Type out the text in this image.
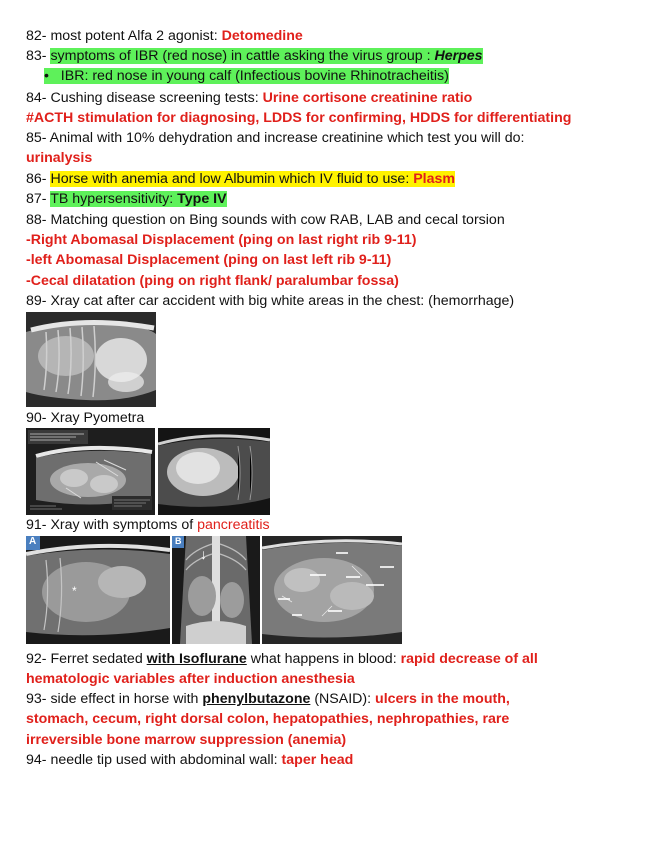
82- most potent Alfa 2 agonist: Detomedine
83- symptoms of IBR (red nose) in cattle asking the virus group : Herpes
• IBR: red nose in young calf (Infectious bovine Rhinotracheitis)
84- Cushing disease screening tests: Urine cortisone creatinine ratio
#ACTH stimulation for diagnosing, LDDS for confirming, HDDS for differentiating
85- Animal with 10% dehydration and increase creatinine which test you will do:
urinalysis
86- Horse with anemia and low Albumin which IV fluid to use: Plasm
87- TB hypersensitivity: Type IV
88- Matching question on Bing sounds with cow RAB, LAB and cecal torsion
-Right Abomasal Displacement (ping on last right rib 9-11)
-left Abomasal Displacement (ping on last left rib 9-11)
-Cecal dilatation (ping on right flank/ paralumbar fossa)
89- Xray cat after car accident with big white areas in the chest: (hemorrhage)
90- Xray Pyometra
91- Xray with symptoms of pancreatitis
A
*
B
↓
92- Ferret sedated with Isoflurane what happens in blood: rapid decrease of all
hematologic variables after induction anesthesia
93- side effect in horse with phenylbutazone (NSAID): ulcers in the mouth,
stomach, cecum, right dorsal colon, hepatopathies, nephropathies, rare
irreversible bone marrow suppression (anemia)
94- needle tip used with abdominal wall: taper head
